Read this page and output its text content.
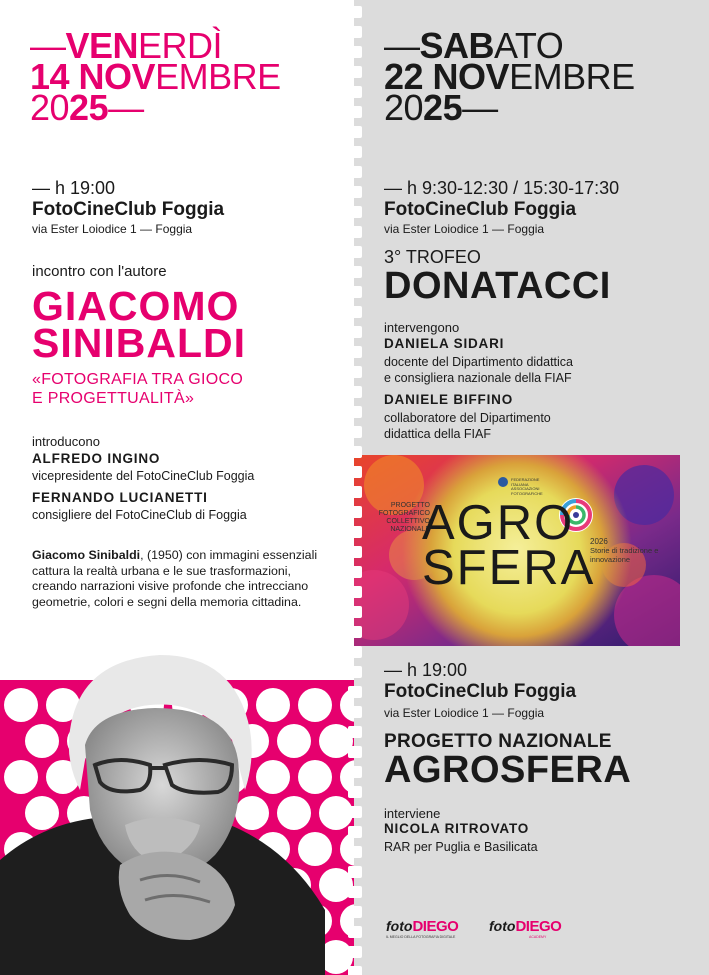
—VENERDÌ
14 NOVEMBRE
2025—
— h 19:00
FotoCineClub Foggia
via Ester Loiodice 1 — Foggia
incontro con l'autore
GIACOMO
SINIBALDI
«FOTOGRAFIA TRA GIOCO
E PROGETTUALITÀ»
introducono
ALFREDO INGINO
vicepresidente del FotoCineClub Foggia
FERNANDO LUCIANETTI
consigliere del FotoCineClub di Foggia
Giacomo Sinibaldi, (1950) con immagini essenziali cattura la realtà urbana e le sue trasformazioni, creando narrazioni visive profonde che intrecciano geometrie, colori e segni della memoria cittadina.
—SABATO
22 NOVEMBRE
2025—
— h 9:30-12:30 / 15:30-17:30
FotoCineClub Foggia
via Ester Loiodice 1 — Foggia
3° TROFEO
DONATACCI
intervengono
DANIELA SIDARI
docente del Dipartimento didattica
e consigliera nazionale della FIAF
DANIELE BIFFINO
collaboratore del Dipartimento
didattica della FIAF
FEDERAZIONE ITALIANA ASSOCIAZIONI FOTOGRAFICHE
PROGETTO FOTOGRAFICO COLLETTIVO NAZIONALE
AGRO
SFERA
2026
Storie di tradizione e innovazione
— h 19:00
FotoCineClub Foggia
via Ester Loiodice 1 — Foggia
PROGETTO NAZIONALE
AGROSFERA
interviene
NICOLA RITROVATO
RAR per Puglia e Basilicata
fotoDIEGO
IL MEGLIO DELLA FOTOGRAFIA DIGITALE
fotoDIEGO
ACADEMY
